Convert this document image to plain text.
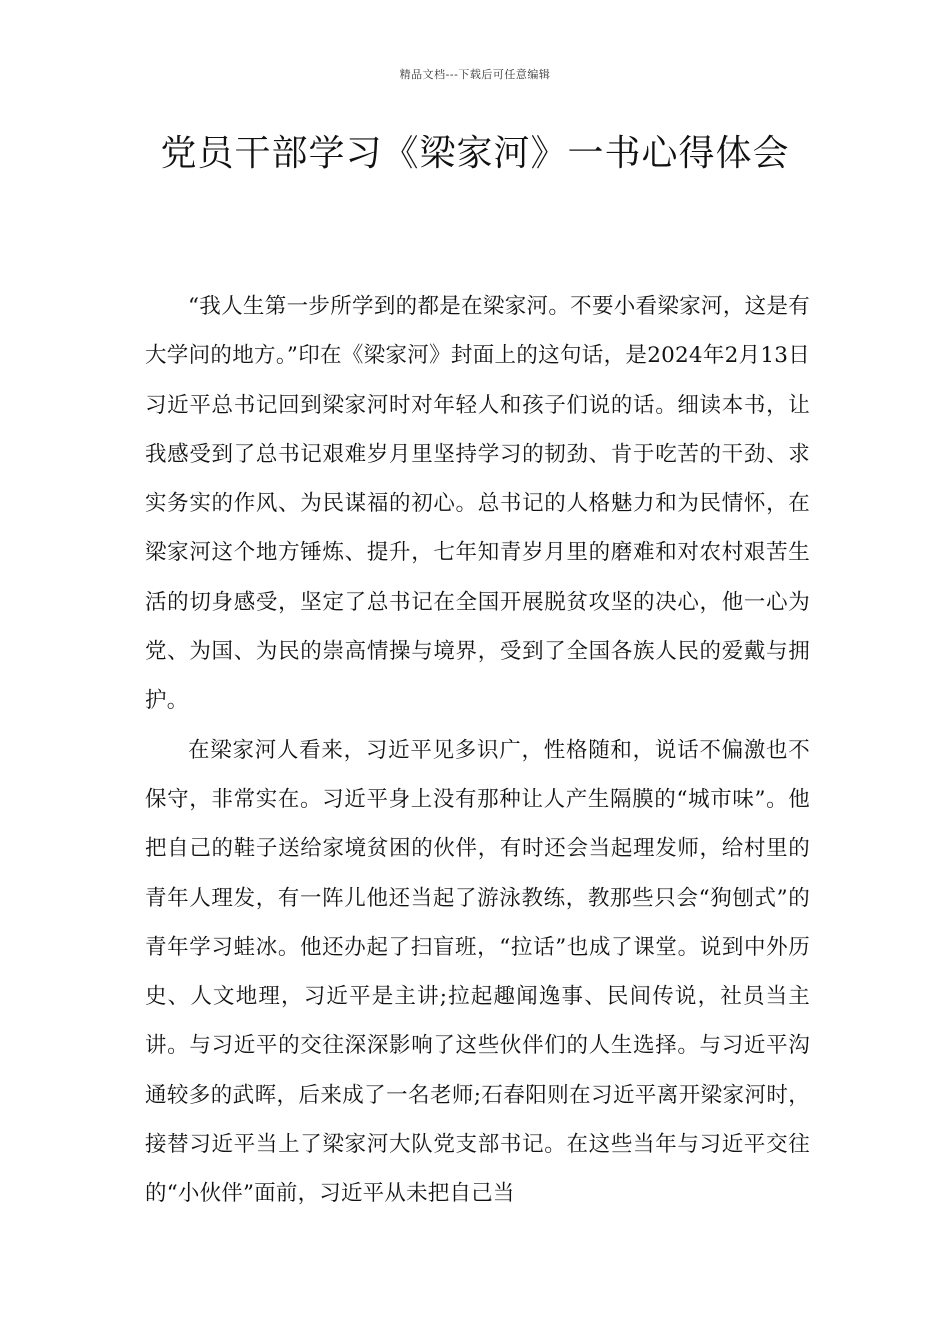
精品文档---下载后可任意编辑
党员干部学习《梁家河》一书心得体会

“我人生第一步所学到的都是在梁家河。不要小看梁家河，这是有大学问的地方。”印在《梁家河》封面上的这句话，是2024年2月13日习近平总书记回到梁家河时对年轻人和孩子们说的话。细读本书，让我感受到了总书记艰难岁月里坚持学习的韧劲、肯于吃苦的干劲、求实务实的作风、为民谋福的初心。总书记的人格魅力和为民情怀，在梁家河这个地方锤炼、提升，七年知青岁月里的磨难和对农村艰苦生活的切身感受，坚定了总书记在全国开展脱贫攻坚的决心，他一心为党、为国、为民的崇高情操与境界，受到了全国各族人民的爱戴与拥护。

在梁家河人看来，习近平见多识广，性格随和，说话不偏激也不保守，非常实在。习近平身上没有那种让人产生隔膜的“城市味”。他把自己的鞋子送给家境贫困的伙伴，有时还会当起理发师，给村里的青年人理发，有一阵儿他还当起了游泳教练，教那些只会“狗刨式”的青年学习蛙冰。他还办起了扫盲班，“拉话”也成了课堂。说到中外历史、人文地理，习近平是主讲;拉起趣闻逸事、民间传说，社员当主讲。与习近平的交往深深影响了这些伙伴们的人生选择。与习近平沟通较多的武晖，后来成了一名老师;石春阳则在习近平离开梁家河时，接替习近平当上了梁家河大队党支部书记。在这些当年与习近平交往的“小伙伴”面前，习近平从未把自己当
